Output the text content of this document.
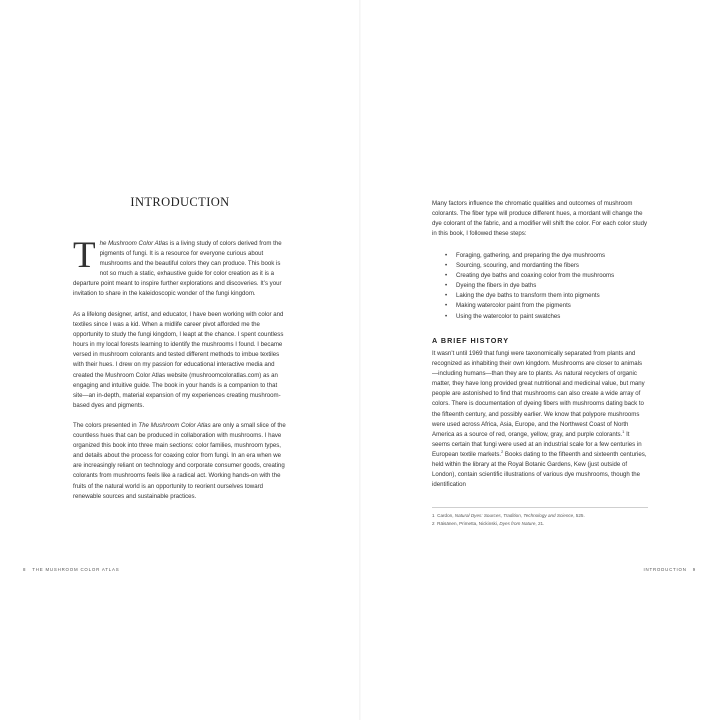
INTRODUCTION
The Mushroom Color Atlas is a living study of colors derived from the pigments of fungi. It is a resource for everyone curious about mushrooms and the beautiful colors they can produce. This book is not so much a static, exhaustive guide for color creation as it is a departure point meant to inspire further explorations and discoveries. It’s your invitation to share in the kaleidoscopic wonder of the fungi kingdom.
As a lifelong designer, artist, and educator, I have been working with color and textiles since I was a kid. When a midlife career pivot afforded me the opportunity to study the fungi kingdom, I leapt at the chance. I spent countless hours in my local forests learning to identify the mushrooms I found. I became versed in mushroom colorants and tested different methods to imbue textiles with their hues. I drew on my passion for educational interactive media and created the Mushroom Color Atlas website (mushroomcoloratlas.com) as an engaging and intuitive guide. The book in your hands is a companion to that site—an in-depth, material expansion of my experiences creating mushroom-based dyes and pigments.
The colors presented in The Mushroom Color Atlas are only a small slice of the countless hues that can be produced in collaboration with mushrooms. I have organized this book into three main sections: color families, mushroom types, and details about the process for coaxing color from fungi. In an era when we are increasingly reliant on technology and corporate consumer goods, creating colorants from mushrooms feels like a radical act. Working hands-on with the fruits of the natural world is an opportunity to reorient ourselves toward renewable sources and sustainable practices.
8 THE MUSHROOM COLOR ATLAS
Many factors influence the chromatic qualities and outcomes of mushroom colorants. The fiber type will produce different hues, a mordant will change the dye colorant of the fabric, and a modifier will shift the color. For each color study in this book, I followed these steps:
• Foraging, gathering, and preparing the dye mushrooms
• Sourcing, scouring, and mordanting the fibers
• Creating dye baths and coaxing color from the mushrooms
• Dyeing the fibers in dye baths
• Laking the dye baths to transform them into pigments
• Making watercolor paint from the pigments
• Using the watercolor to paint swatches
A BRIEF HISTORY
It wasn’t until 1969 that fungi were taxonomically separated from plants and recognized as inhabiting their own kingdom. Mushrooms are closer to animals—including humans—than they are to plants. As natural recyclers of organic matter, they have long provided great nutritional and medicinal value, but many people are astonished to find that mushrooms can also create a wide array of colors. There is documentation of dyeing fibers with mushrooms dating back to the fifteenth century, and possibly earlier. We know that polypore mushrooms were used across Africa, Asia, Europe, and the Northwest Coast of North America as a source of red, orange, yellow, gray, and purple colorants.$^1$ It seems certain that fungi were used at an industrial scale for a few centuries in European textile markets.$^2$ Books dating to the fifteenth and sixteenth centuries, held within the library at the Royal Botanic Gardens, Kew (just outside of London), contain scientific illustrations of various dye mushrooms, though the identification
1 Cardon, Natural Dyes: Sources, Tradition, Technology and Science, 525.
2 Räisänen, Primetta, Nickinski, Dyes from Nature, 21.
INTRODUCTION 9
